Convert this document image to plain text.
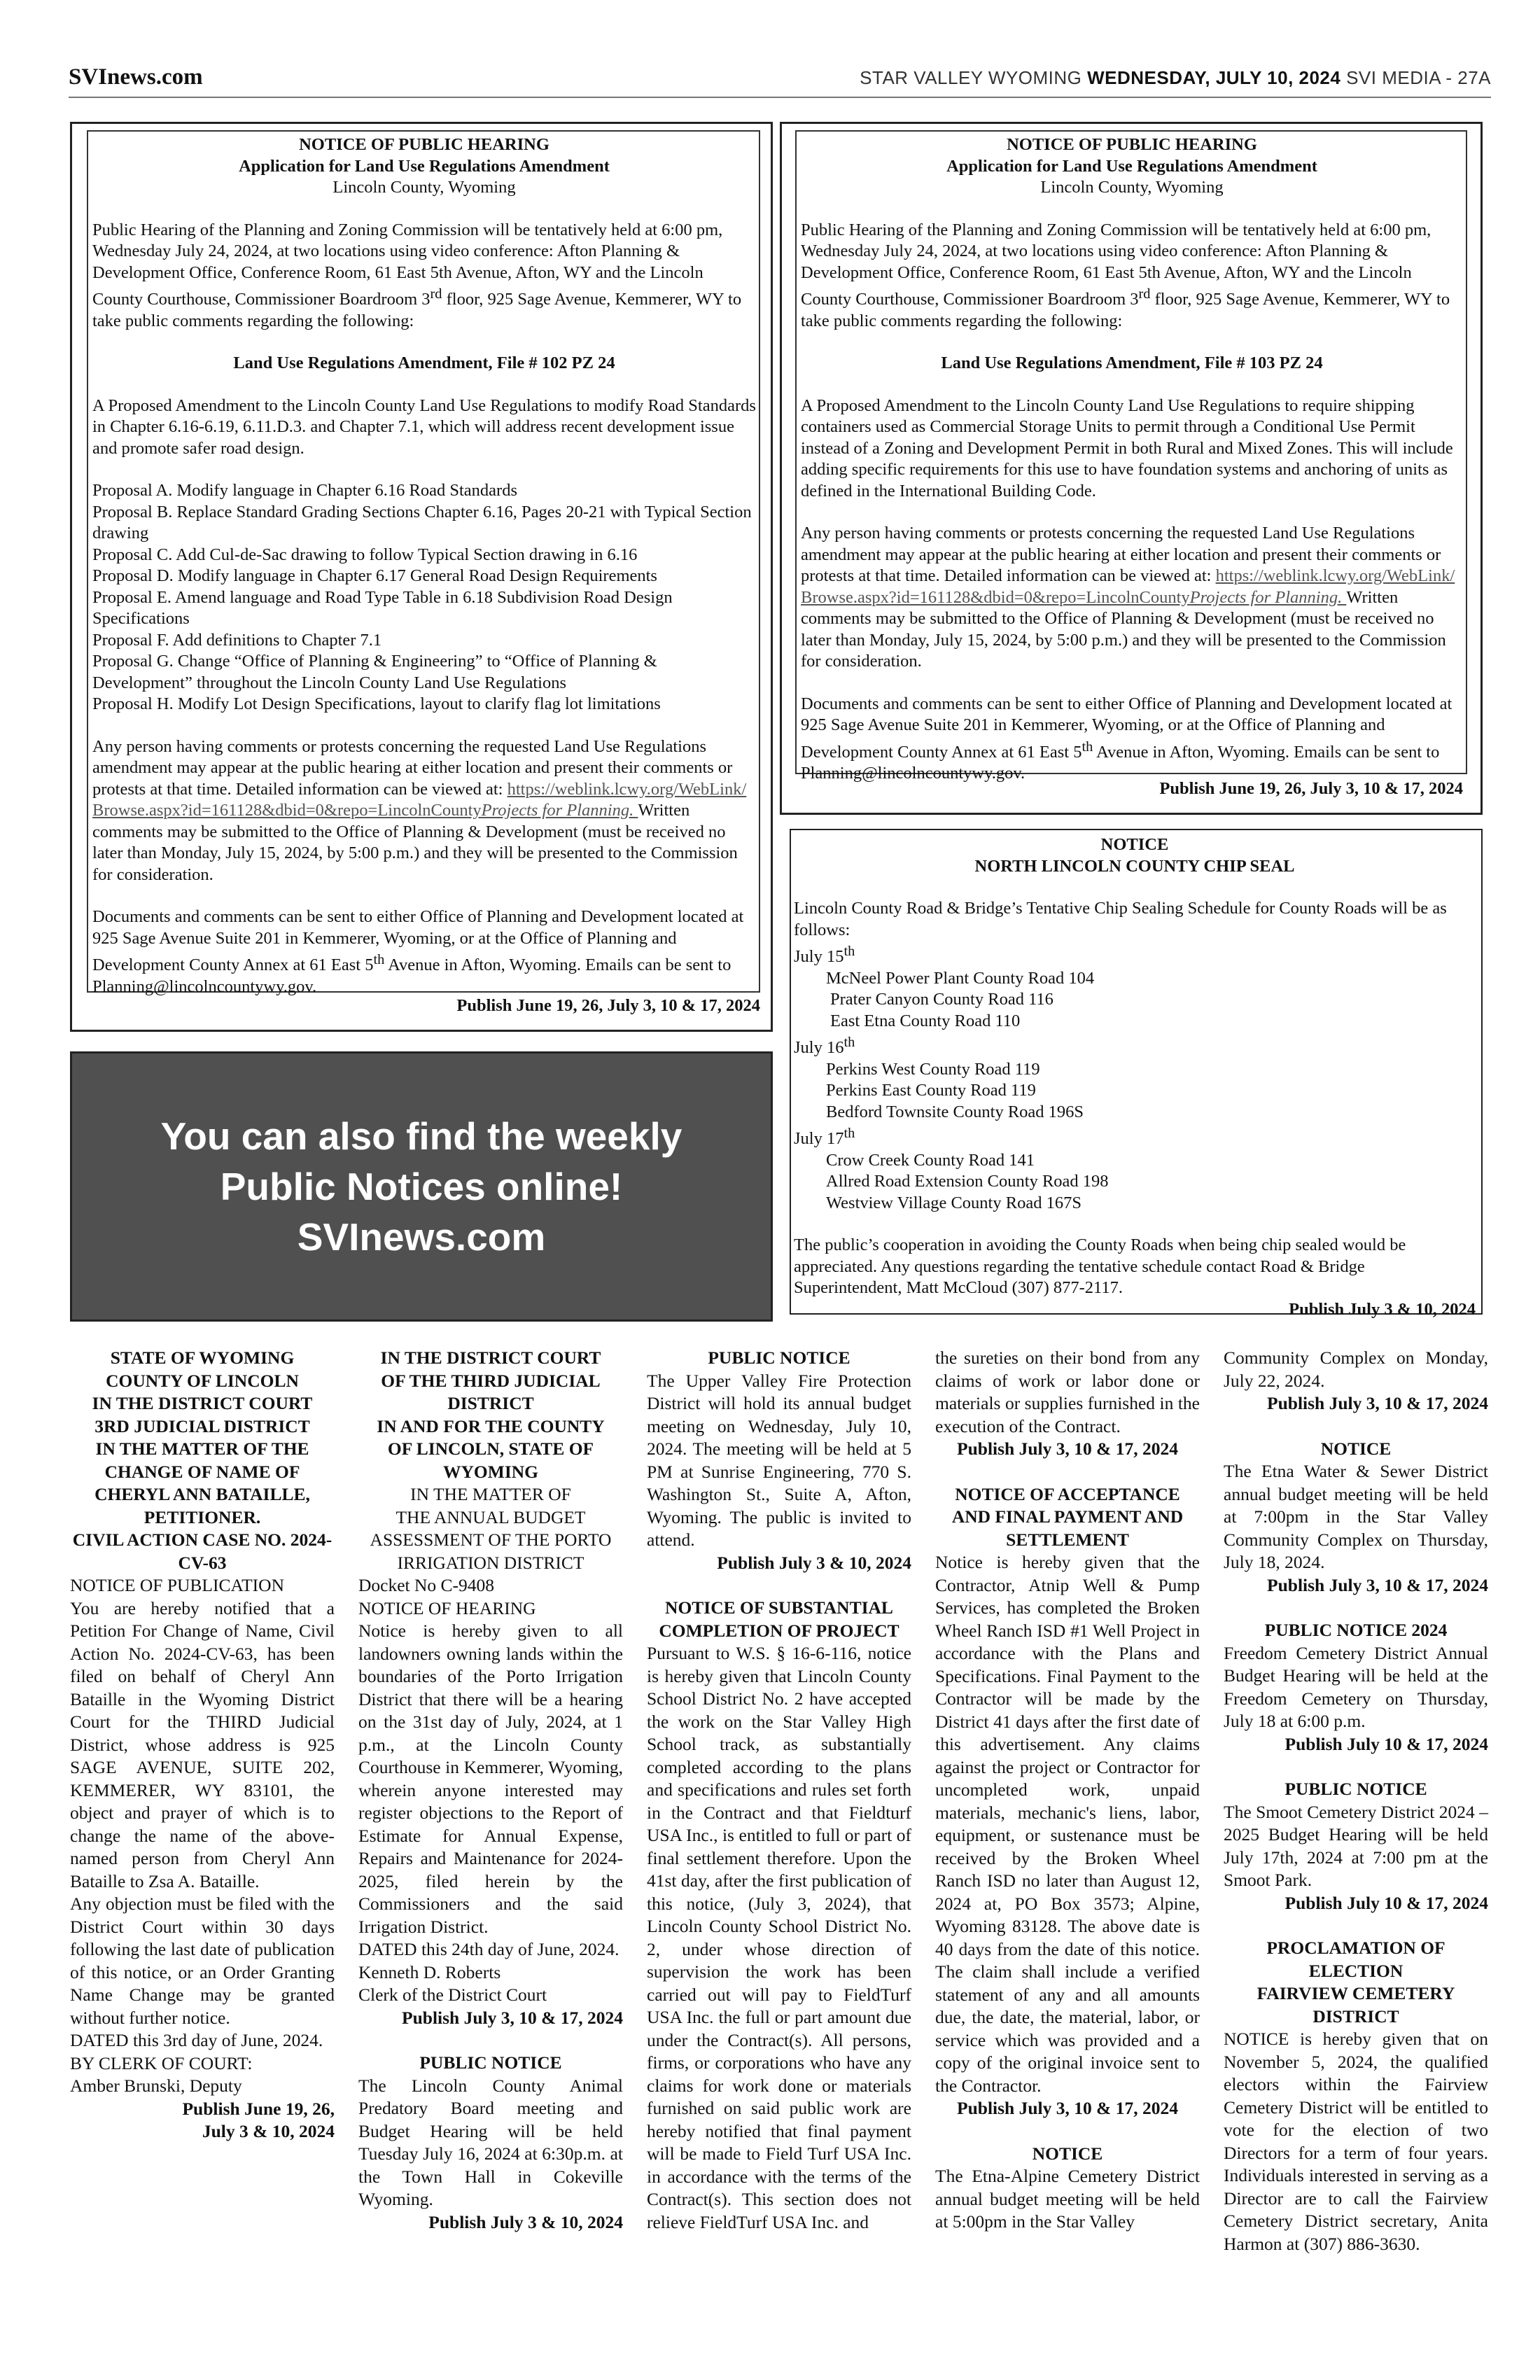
SVInews.com	STAR VALLEY WYOMING WEDNESDAY, JULY 10, 2024 SVI MEDIA - 27A

NOTICE OF PUBLIC HEARING

Application for Land Use Regulations Amendment

Lincoln County, Wyoming

Public Hearing of the Planning and Zoning Commission will be tentatively held at 6:00 pm, Wednesday July 24, 2024, at two locations using video conference: Afton Planning & Development Office, Conference Room, 61 East 5th Avenue, Afton, WY and the Lincoln County Courthouse, Commissioner Boardroom 3rd floor, 925 Sage Avenue, Kemmerer, WY to take public comments regarding the following:

Land Use Regulations Amendment, File # 102 PZ 24

A Proposed Amendment to the Lincoln County Land Use Regulations to modify Road Standards in Chapter 6.16-6.19, 6.11.D.3. and Chapter 7.1, which will address recent development issue and promote safer road design.

Proposal A. Modify language in Chapter 6.16 Road Standards

Proposal B. Replace Standard Grading Sections Chapter 6.16, Pages 20-21 with Typical Section drawing

Proposal C. Add Cul-de-Sac drawing to follow Typical Section drawing in 6.16

Proposal D. Modify language in Chapter 6.17 General Road Design Requirements

Proposal E. Amend language and Road Type Table in 6.18 Subdivision Road Design Specifications

Proposal F. Add definitions to Chapter 7.1

Proposal G. Change “Office of Planning & Engineering” to “Office of Planning & Development” throughout the Lincoln County Land Use Regulations

Proposal H. Modify Lot Design Specifications, layout to clarify flag lot limitations

Any person having comments or protests concerning the requested Land Use Regulations amendment may appear at the public hearing at either location and present their comments or protests at that time. Detailed information can be viewed at: https://weblink.lcwy.org/WebLink/Browse.aspx?id=161128&dbid=0&repo=LincolnCountyProjects for Planning. Written comments may be submitted to the Office of Planning & Development (must be received no later than Monday, July 15, 2024, by 5:00 p.m.) and they will be presented to the Commission for consideration.

Documents and comments can be sent to either Office of Planning and Development located at 925 Sage Avenue Suite 201 in Kemmerer, Wyoming, or at the Office of Planning and Development County Annex at 61 East 5th Avenue in Afton, Wyoming. Emails can be sent to Planning@lincolncountywy.gov.

Publish June 19, 26, July 3, 10 & 17, 2024

NOTICE OF PUBLIC HEARING

Application for Land Use Regulations Amendment

Lincoln County, Wyoming

Public Hearing of the Planning and Zoning Commission will be tentatively held at 6:00 pm, Wednesday July 24, 2024, at two locations using video conference: Afton Planning & Development Office, Conference Room, 61 East 5th Avenue, Afton, WY and the Lincoln County Courthouse, Commissioner Boardroom 3rd floor, 925 Sage Avenue, Kemmerer, WY to take public comments regarding the following:

Land Use Regulations Amendment, File # 103 PZ 24

A Proposed Amendment to the Lincoln County Land Use Regulations to require shipping containers used as Commercial Storage Units to permit through a Conditional Use Permit instead of a Zoning and Development Permit in both Rural and Mixed Zones. This will include adding specific requirements for this use to have foundation systems and anchoring of units as defined in the International Building Code.

Any person having comments or protests concerning the requested Land Use Regulations amendment may appear at the public hearing at either location and present their comments or protests at that time. Detailed information can be viewed at: https://weblink.lcwy.org/WebLink/Browse.aspx?id=161128&dbid=0&repo=LincolnCountyProjects for Planning. Written comments may be submitted to the Office of Planning & Development (must be received no later than Monday, July 15, 2024, by 5:00 p.m.) and they will be presented to the Commission for consideration.

Documents and comments can be sent to either Office of Planning and Development located at 925 Sage Avenue Suite 201 in Kemmerer, Wyoming, or at the Office of Planning and Development County Annex at 61 East 5th Avenue in Afton, Wyoming. Emails can be sent to Planning@lincolncountywy.gov.

Publish June 19, 26, July 3, 10 & 17, 2024

NOTICE

NORTH LINCOLN COUNTY CHIP SEAL

Lincoln County Road & Bridge’s Tentative Chip Sealing Schedule for County Roads will be as follows:

July 15th

McNeel Power Plant County Road 104

Prater Canyon County Road 116

East Etna County Road 110

July 16th

Perkins West County Road 119

Perkins East County Road 119

Bedford Townsite County Road 196S

July 17th

Crow Creek County Road 141

Allred Road Extension County Road 198

Westview Village County Road 167S

The public’s cooperation in avoiding the County Roads when being chip sealed would be appreciated. Any questions regarding the tentative schedule contact Road & Bridge Superintendent, Matt McCloud (307) 877-2117.

Publish July 3 & 10, 2024

You can also find the weekly
Public Notices online!
SVInews.com

STATE OF WYOMING

COUNTY OF LINCOLN

IN THE DISTRICT COURT

3RD JUDICIAL DISTRICT

IN THE MATTER OF THE

CHANGE OF NAME OF

CHERYL ANN BATAILLE,

PETITIONER.

CIVIL ACTION CASE NO. 2024-CV-63

NOTICE OF PUBLICATION

You are hereby notified that a Petition For Change of Name, Civil Action No. 2024-CV-63, has been filed on behalf of Cheryl Ann Bataille in the Wyoming District Court for the THIRD Judicial District, whose address is 925 SAGE AVENUE, SUITE 202, KEMMERER, WY 83101, the object and prayer of which is to change the name of the above-named person from Cheryl Ann Bataille to Zsa A. Bataille.

Any objection must be filed with the District Court within 30 days following the last date of publication of this notice, or an Order Granting Name Change may be granted without further notice.

DATED this 3rd day of June, 2024.

BY CLERK OF COURT:

Amber Brunski, Deputy

Publish June 19, 26,

July 3 & 10, 2024

IN THE DISTRICT COURT

OF THE THIRD JUDICIAL

DISTRICT

IN AND FOR THE COUNTY

OF LINCOLN, STATE OF

WYOMING

IN THE MATTER OF

THE ANNUAL BUDGET

ASSESSMENT OF THE PORTO

IRRIGATION DISTRICT

Docket No C-9408

NOTICE OF HEARING

Notice is hereby given to all landowners owning lands within the boundaries of the Porto Irrigation District that there will be a hearing on the 31st day of July, 2024, at 1 p.m., at the Lincoln County Courthouse in Kemmerer, Wyoming, wherein anyone interested may register objections to the Report of Estimate for Annual Expense, Repairs and Maintenance for 2024-2025, filed herein by the Commissioners and the said Irrigation District.

DATED this 24th day of June, 2024.

Kenneth D. Roberts

Clerk of the District Court

Publish July 3, 10 & 17, 2024

PUBLIC NOTICE

The Lincoln County Animal Predatory Board meeting and Budget Hearing will be held Tuesday July 16, 2024 at 6:30p.m. at the Town Hall in Cokeville Wyoming.

Publish July 3 & 10, 2024

PUBLIC NOTICE

The Upper Valley Fire Protection District will hold its annual budget meeting on Wednesday, July 10, 2024. The meeting will be held at 5 PM at Sunrise Engineering, 770 S. Washington St., Suite A, Afton, Wyoming. The public is invited to attend.

Publish July 3 & 10, 2024

NOTICE OF SUBSTANTIAL

COMPLETION OF PROJECT

Pursuant to W.S. § 16-6-116, notice is hereby given that Lincoln County School District No. 2 have accepted the work on the Star Valley High School track, as substantially completed according to the plans and specifications and rules set forth in the Contract and that Fieldturf USA Inc., is entitled to full or part of final settlement therefore. Upon the 41st day, after the first publication of this notice, (July 3, 2024), that Lincoln County School District No. 2, under whose direction of supervision the work has been carried out will pay to FieldTurf USA Inc. the full or part amount due under the Contract(s). All persons, firms, or corporations who have any claims for work done or materials furnished on said public work are hereby notified that final payment will be made to Field Turf USA Inc. in accordance with the terms of the Contract(s). This section does not relieve FieldTurf USA Inc. and

the sureties on their bond from any claims of work or labor done or materials or supplies furnished in the execution of the Contract.

Publish July 3, 10 & 17, 2024

NOTICE OF ACCEPTANCE

AND FINAL PAYMENT AND

SETTLEMENT

Notice is hereby given that the Contractor, Atnip Well & Pump Services, has completed the Broken Wheel Ranch ISD #1 Well Project in accordance with the Plans and Specifications. Final Payment to the Contractor will be made by the District 41 days after the first date of this advertisement. Any claims against the project or Contractor for uncompleted work, unpaid materials, mechanic's liens, labor, equipment, or sustenance must be received by the Broken Wheel Ranch ISD no later than August 12, 2024 at, PO Box 3573; Alpine, Wyoming 83128. The above date is 40 days from the date of this notice. The claim shall include a verified statement of any and all amounts due, the date, the material, labor, or service which was provided and a copy of the original invoice sent to the Contractor.

Publish July 3, 10 & 17, 2024

NOTICE

The Etna-Alpine Cemetery District annual budget meeting will be held at 5:00pm in the Star Valley

Community Complex on Monday, July 22, 2024.

Publish July 3, 10 & 17, 2024

NOTICE

The Etna Water & Sewer District annual budget meeting will be held at 7:00pm in the Star Valley Community Complex on Thursday, July 18, 2024.

Publish July 3, 10 & 17, 2024

PUBLIC NOTICE 2024

Freedom Cemetery District Annual Budget Hearing will be held at the Freedom Cemetery on Thursday, July 18 at 6:00 p.m.

Publish July 10 & 17, 2024

PUBLIC NOTICE

The Smoot Cemetery District 2024 – 2025 Budget Hearing will be held July 17th, 2024 at 7:00 pm at the Smoot Park.

Publish July 10 & 17, 2024

PROCLAMATION OF

ELECTION

FAIRVIEW CEMETERY

DISTRICT

NOTICE is hereby given that on November 5, 2024, the qualified electors within the Fairview Cemetery District will be entitled to vote for the election of two Directors for a term of four years. Individuals interested in serving as a Director are to call the Fairview Cemetery District secretary, Anita Harmon at (307) 886-3630.
